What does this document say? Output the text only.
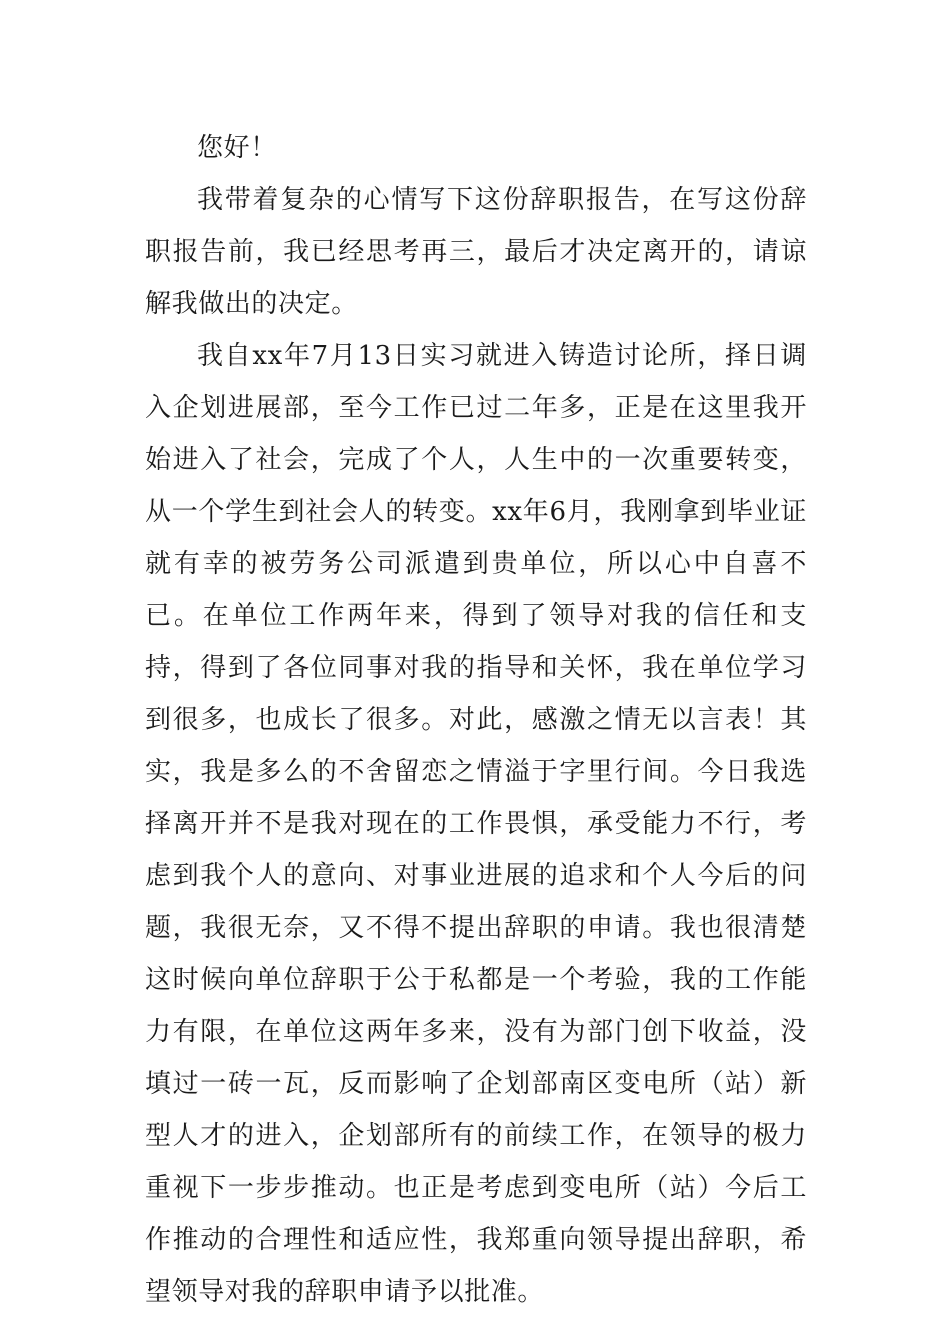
您好！

我带着复杂的心情写下这份辞职报告，在写这份辞职报告前，我已经思考再三，最后才决定离开的，请谅解我做出的决定。

我自xx年7月13日实习就进入铸造讨论所，择日调入企划进展部，至今工作已过二年多，正是在这里我开始进入了社会，完成了个人，人生中的一次重要转变，从一个学生到社会人的转变。xx年6月，我刚拿到毕业证就有幸的被劳务公司派遣到贵单位，所以心中自喜不已。在单位工作两年来，得到了领导对我的信任和支持，得到了各位同事对我的指导和关怀，我在单位学习到很多，也成长了很多。对此，感激之情无以言表！其实，我是多么的不舍留恋之情溢于字里行间。今日我选择离开并不是我对现在的工作畏惧，承受能力不行，考虑到我个人的意向、对事业进展的追求和个人今后的问题，我很无奈，又不得不提出辞职的申请。我也很清楚这时候向单位辞职于公于私都是一个考验，我的工作能力有限，在单位这两年多来，没有为部门创下收益，没填过一砖一瓦，反而影响了企划部南区变电所（站）新型人才的进入，企划部所有的前续工作，在领导的极力重视下一步步推动。也正是考虑到变电所（站）今后工作推动的合理性和适应性，我郑重向领导提出辞职，希望领导对我的辞职申请予以批准。
